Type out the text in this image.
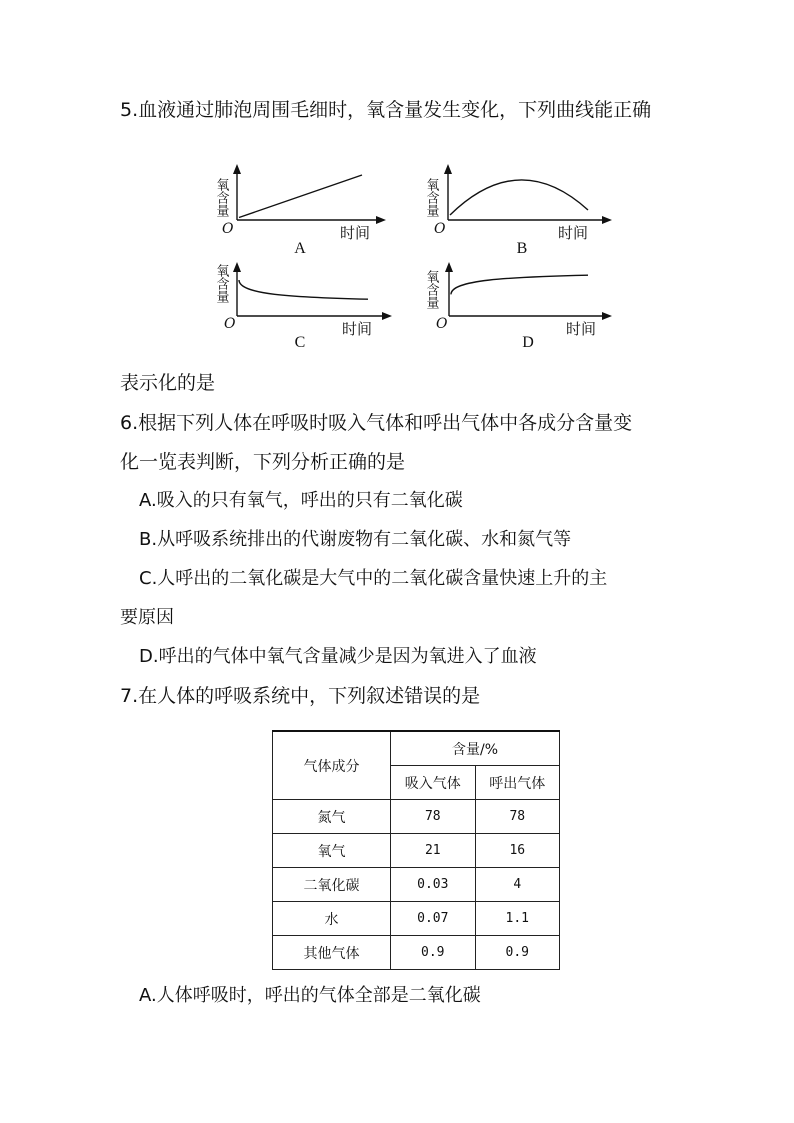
5.血液通过肺泡周围毛细时，氧含量发生变化，下列曲线能正确
氧含量
O	时间
A
氧含量
O	时间
B
氧含量
O	时间
C
氧含量
O	时间
D
表示化的是
6.根据下列人体在呼吸时吸入气体和呼出气体中各成分含量变
化一览表判断，下列分析正确的是
A.吸入的只有氧气，呼出的只有二氧化碳
B.从呼吸系统排出的代谢废物有二氧化碳、水和氮气等
C.人呼出的二氧化碳是大气中的二氧化碳含量快速上升的主
要原因
D.呼出的气体中氧气含量减少是因为氧进入了血液
7.在人体的呼吸系统中，下列叙述错误的是
气体成分	含量/%	
	吸入气体	呼出气体
氮气	78	78
氧气	21	16
二氧化碳	0.03	4
水	0.07	1.1
其他气体	0.9	0.9
A.人体呼吸时，呼出的气体全部是二氧化碳
